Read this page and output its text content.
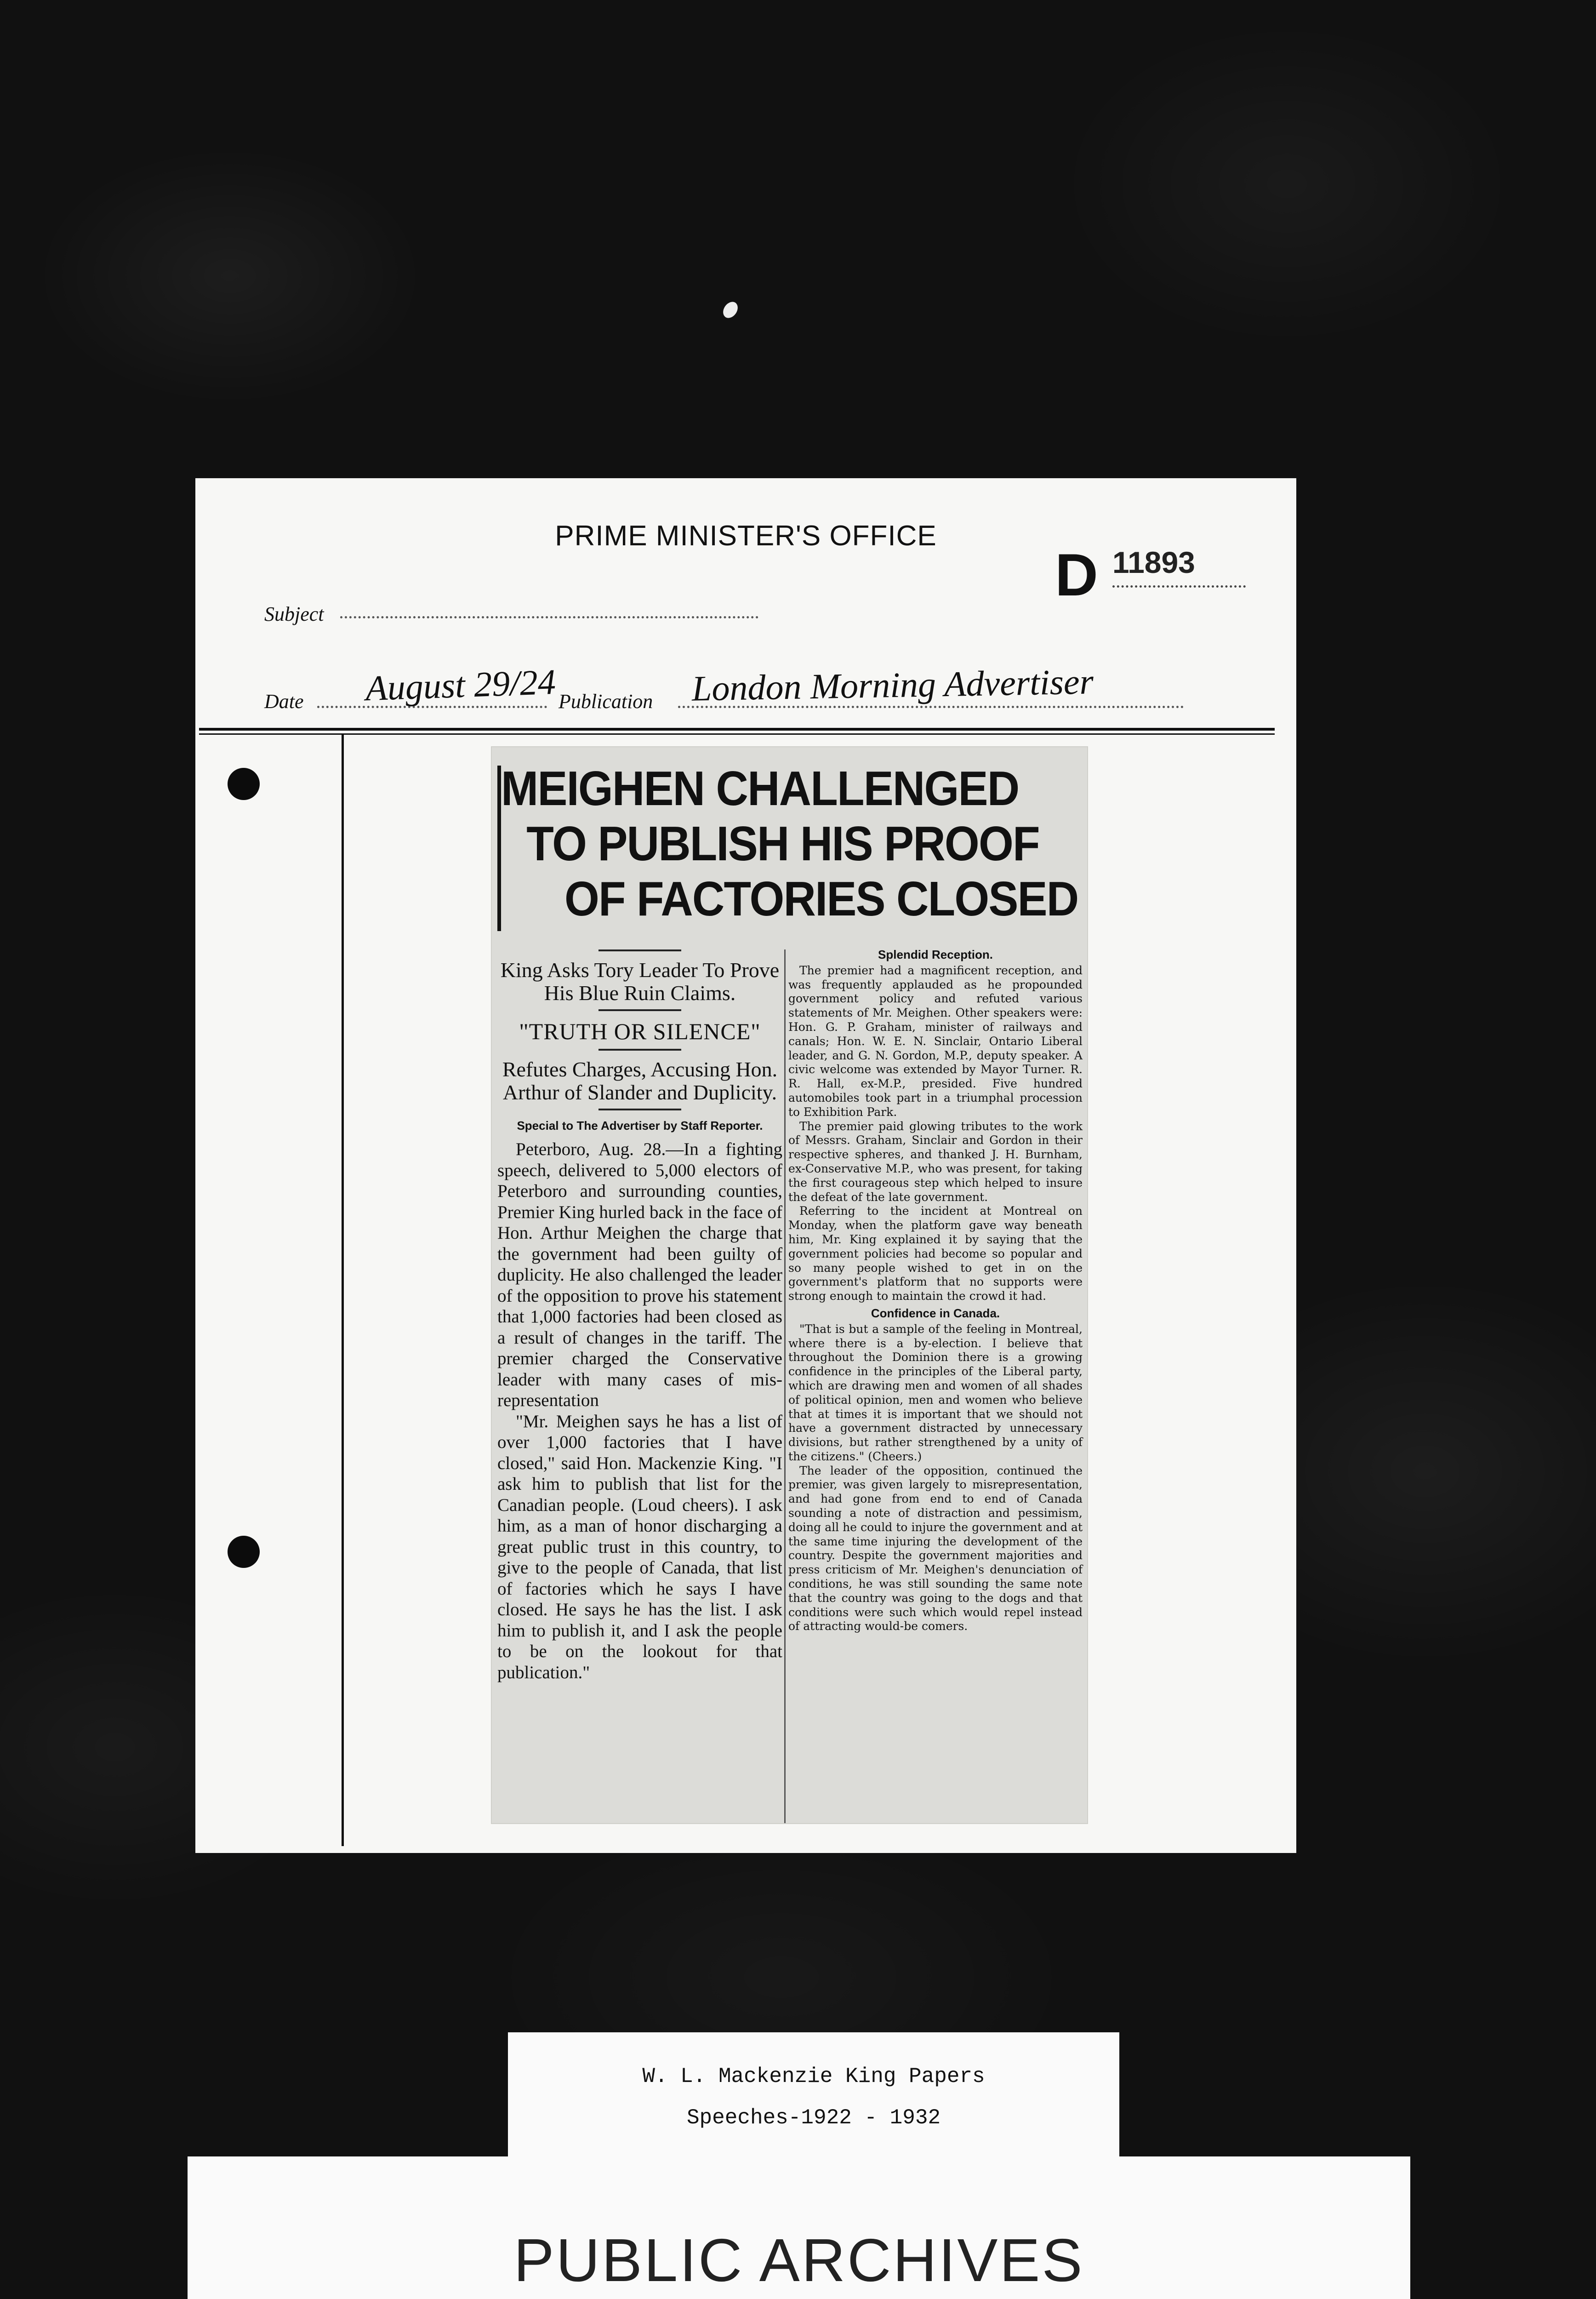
PRIME MINISTER'S OFFICE
D 11893
Subject
Date August 29/24 Publication London Morning Advertiser
MEIGHEN CHALLENGED
TO PUBLISH HIS PROOF
OF FACTORIES CLOSED
King Asks Tory Leader To Prove His Blue Ruin Claims.
"TRUTH OR SILENCE"
Refutes Charges, Accusing Hon. Arthur of Slander and Duplicity.
Special to The Advertiser by Staff Reporter.

Peterboro, Aug. 28.—In a fighting speech, delivered to 5,000 electors of Peterboro and surrounding counties, Premier King hurled back in the face of Hon. Arthur Meighen the charge that the government had been guilty of duplicity. He also challenged the leader of the opposition to prove his statement that 1,000 factories had been closed as a result of changes in the tariff. The premier charged the Conservative leader with many cases of mis-representation

"Mr. Meighen says he has a list of over 1,000 factories that I have closed," said Hon. Mackenzie King. "I ask him to publish that list for the Canadian people. (Loud cheers). I ask him, as a man of honor discharging a great public trust in this country, to give to the people of Canada, that list of factories which he says I have closed. He says he has the list. I ask him to publish it, and I ask the people to be on the lookout for that publication."

Splendid Reception.

The premier had a magnificent reception, and was frequently applauded as he propounded government policy and refuted various statements of Mr. Meighen. Other speakers were: Hon. G. P. Graham, minister of railways and canals; Hon. W. E. N. Sinclair, Ontario Liberal leader, and G. N. Gordon, M.P., deputy speaker. A civic welcome was extended by Mayor Turner. R. R. Hall, ex-M.P., presided. Five hundred automobiles took part in a triumphal procession to Exhibition Park.

The premier paid glowing tributes to the work of Messrs. Graham, Sinclair and Gordon in their respective spheres, and thanked J. H. Burnham, ex-Conservative M.P., who was present, for taking the first courageous step which helped to insure the defeat of the late government.

Referring to the incident at Montreal on Monday, when the platform gave way beneath him, Mr. King explained it by saying that the government policies had become so popular and so many people wished to get in on the government's platform that no supports were strong enough to maintain the crowd it had.

Confidence in Canada.

"That is but a sample of the feeling in Montreal, where there is a by-election. I believe that throughout the Dominion there is a growing confidence in the principles of the Liberal party, which are drawing men and women of all shades of political opinion, men and women who believe that at times it is important that we should not have a government distracted by unnecessary divisions, but rather strengthened by a unity of the citizens." (Cheers.)

The leader of the opposition, continued the premier, was given largely to misrepresentation, and had gone from end to end of Canada sounding a note of distraction and pessimism, doing all he could to injure the government and at the same time injuring the development of the country. Despite the government majorities and press criticism of Mr. Meighen's denunciation of conditions, he was still sounding the same note that the country was going to the dogs and that conditions were such which would repel instead of attracting would-be comers.

W. L. Mackenzie King Papers
Speeches-1922 - 1932
PUBLIC ARCHIVES
